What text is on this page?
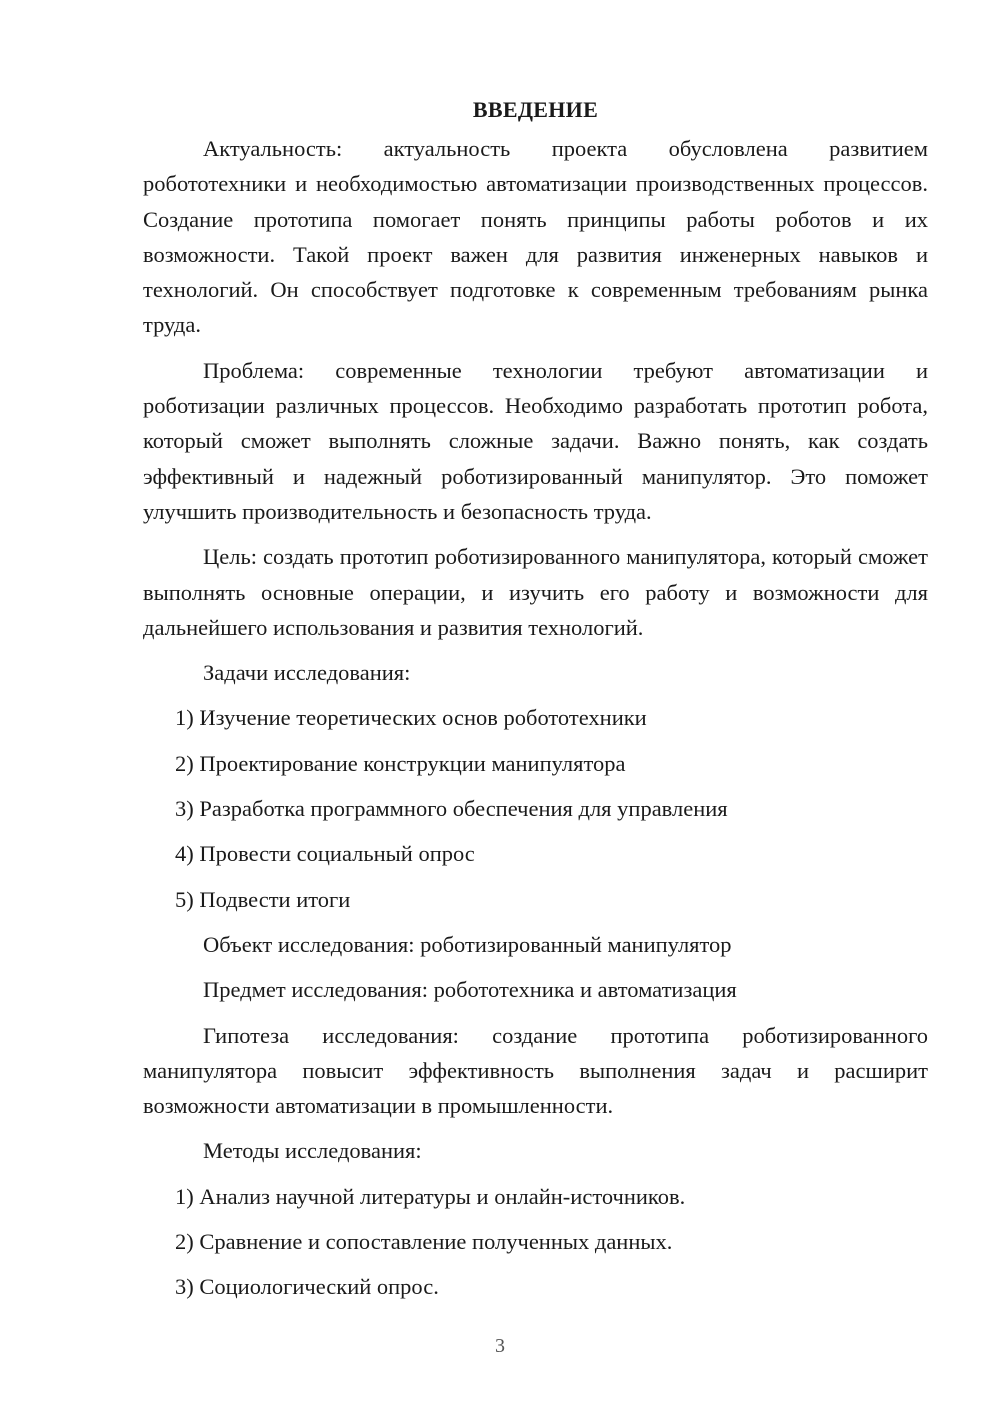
ВВЕДЕНИЕ

Актуальность: актуальность проекта обусловлена развитием робототехники и необходимостью автоматизации производственных процессов. Создание прототипа помогает понять принципы работы роботов и их возможности. Такой проект важен для развития инженерных навыков и технологий. Он способствует подготовке к современным требованиям рынка труда.

Проблема: современные технологии требуют автоматизации и роботизации различных процессов. Необходимо разработать прототип робота, который сможет выполнять сложные задачи. Важно понять, как создать эффективный и надежный роботизированный манипулятор. Это поможет улучшить производительность и безопасность труда.

Цель: создать прототип роботизированного манипулятора, который сможет выполнять основные операции, и изучить его работу и возможности для дальнейшего использования и развития технологий.

Задачи исследования:
1) Изучение теоретических основ робототехники
2) Проектирование конструкции манипулятора
3) Разработка программного обеспечения для управления
4) Провести социальный опрос
5) Подвести итоги
Объект исследования: роботизированный манипулятор
Предмет исследования: робототехника и автоматизация

Гипотеза исследования: создание прототипа роботизированного манипулятора повысит эффективность выполнения задач и расширит возможности автоматизации в промышленности.

Методы исследования:
1) Анализ научной литературы и онлайн-источников.
2) Сравнение и сопоставление полученных данных.
3) Социологический опрос.
3
